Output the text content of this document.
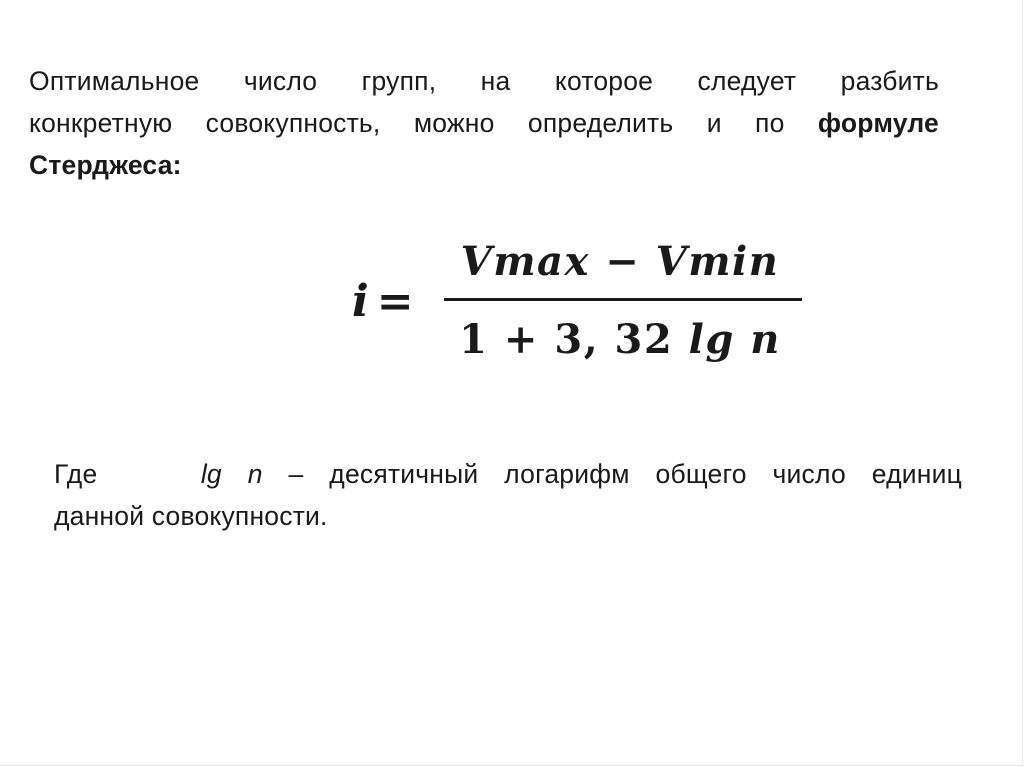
Оптимальное число групп, на которое следует разбить
конкретную совокупность, можно определить и по формуле
Стерджеса:
i =
Vmax − Vmin
1 + 3, 32 lg n
Где	lg n – десятичный логарифм общего число единиц
данной совокупности.
